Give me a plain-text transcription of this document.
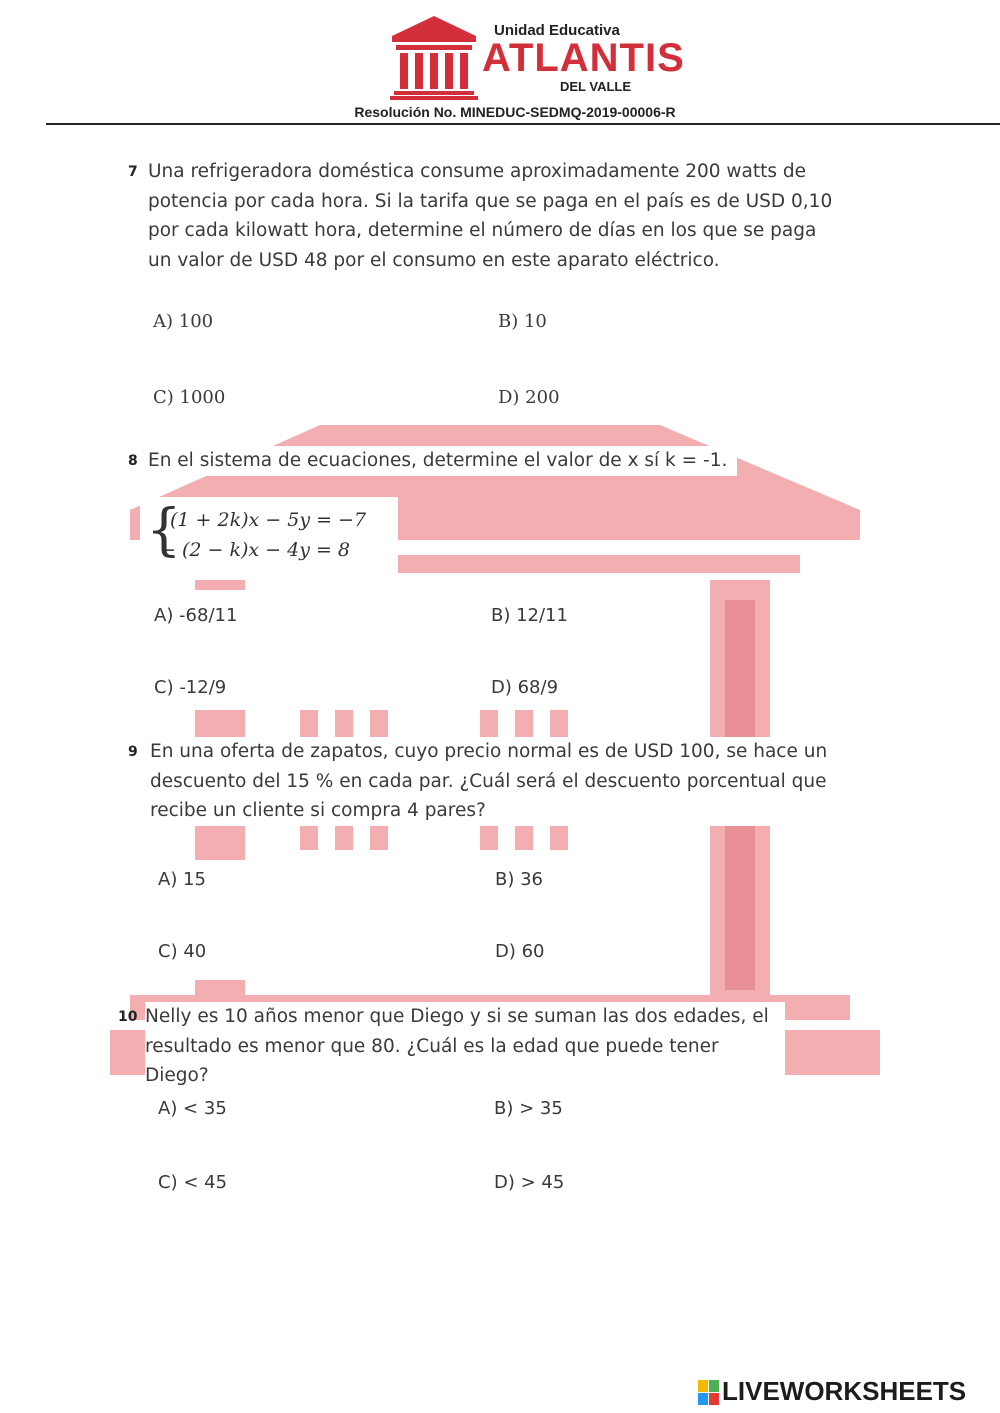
Unidad Educativa
ATLANTIS
DEL VALLE
Resolución No. MINEDUC-SEDMQ-2019-00006-R
7 Una refrigeradora doméstica consume aproximadamente 200 watts de
potencia por cada hora. Si la tarifa que se paga en el país es de USD 0,10
por cada kilowatt hora, determine el número de días en los que se paga
un valor de USD 48 por el consumo en este aparato eléctrico.
A) 100	B) 10
C) 1000	D) 200
8 En el sistema de ecuaciones, determine el valor de x sí k = -1.
{
(1 + 2k)x − 5y = −7
− (2 − k)x − 4y = 8
A) -68/11	B) 12/11
C) -12/9	D) 68/9
9 En una oferta de zapatos, cuyo precio normal es de USD 100, se hace un
descuento del 15 % en cada par. ¿Cuál será el descuento porcentual que
recibe un cliente si compra 4 pares?
A) 15	B) 36
C) 40	D) 60
10 Nelly es 10 años menor que Diego y si se suman las dos edades, el
resultado es menor que 80. ¿Cuál es la edad que puede tener Diego?
A) < 35	B) > 35
C) < 45	D) > 45
LIVEWORKSHEETS
